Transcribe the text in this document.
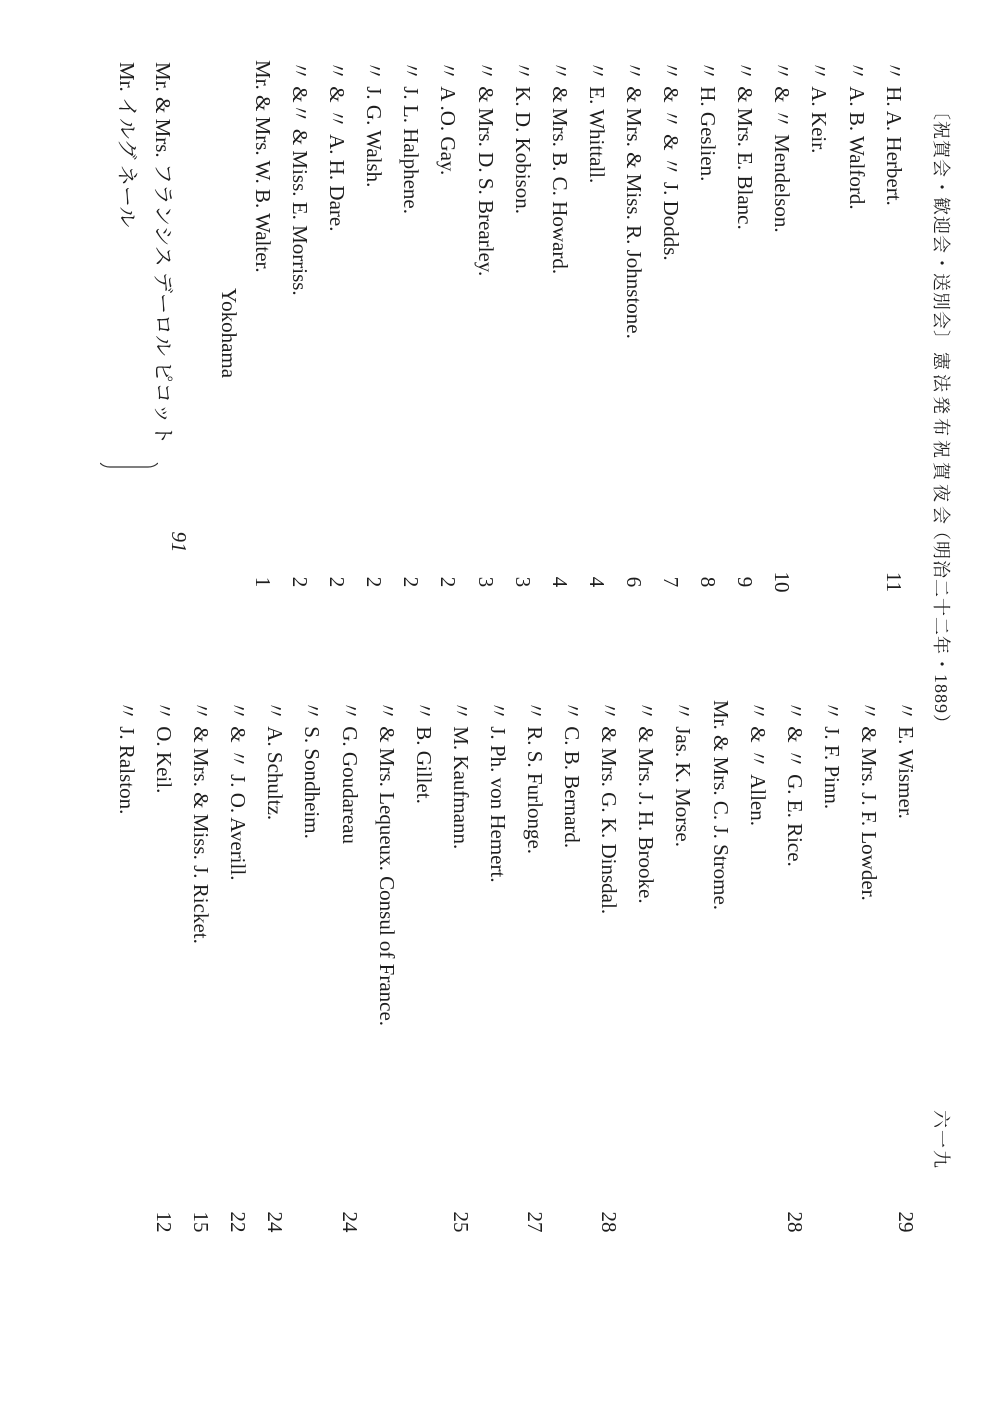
Mr. イルグ ネール Mr. & Mrs. フランシス デーロル ピコット
91
Yokohama
Mr. & Mrs. W. B. Walter.
1
〃 &〃 & Miss. E. Morriss.
2
〃 & 〃 A. H. Dare.
2
〃 J. G. Walsh.
2
〃 J. L. Halphene.
2
〃 A .O. Gay.
2
〃 & Mrs. D. S. Brearley.
3
〃 K. D. Kobison.
3
〃 & Mrs. B. C. Howard.
4
〃 E. Whittall.
4
〃 & Mrs. & Miss. R. Johnstone.
6
〃 & 〃 & 〃 J. Dodds.
7
〃 H. Geslien.
8
〃 & Mrs. E. Blanc.
9
〃 & 〃 Mendelson.
10
〃 A. Keir. 〃 A. B. Walford. 〃 H. A. Herbert.
11
〃 J. Ralston. 〃 O. Keil.
12
〃 & Mrs. & Miss. J. Ricket.
15
〃 & 〃 J. O. Averill.
22
〃 A. Schultz.
24
〃 S. Sondheim. 〃 G. Goudareau
24
〃 & Mrs. Lequeux. Consul of France. 〃 B. Gillet. 〃 M. Kaufmann.
25
〃 J. Ph. von Hemert. 〃 R. S. Furlonge.
27
〃 C. B. Bernard. 〃 & Mrs. G. K. Dinsdal.
28
〃 & Mrs. J. H. Brooke. 〃 Jas. K. Morse. Mr. & Mrs. C. J. Strome. 〃 & 〃 Allen. 〃 & 〃 G. E. Rice.
28
〃 J. F. Pinn. 〃 & Mrs. J. F. Lowder. 〃 E. Wismer.
29
〔祝賀会・歓迎会・送別会〕
憲法発布祝賀夜会
（明治二十二年・1889）
六一九
